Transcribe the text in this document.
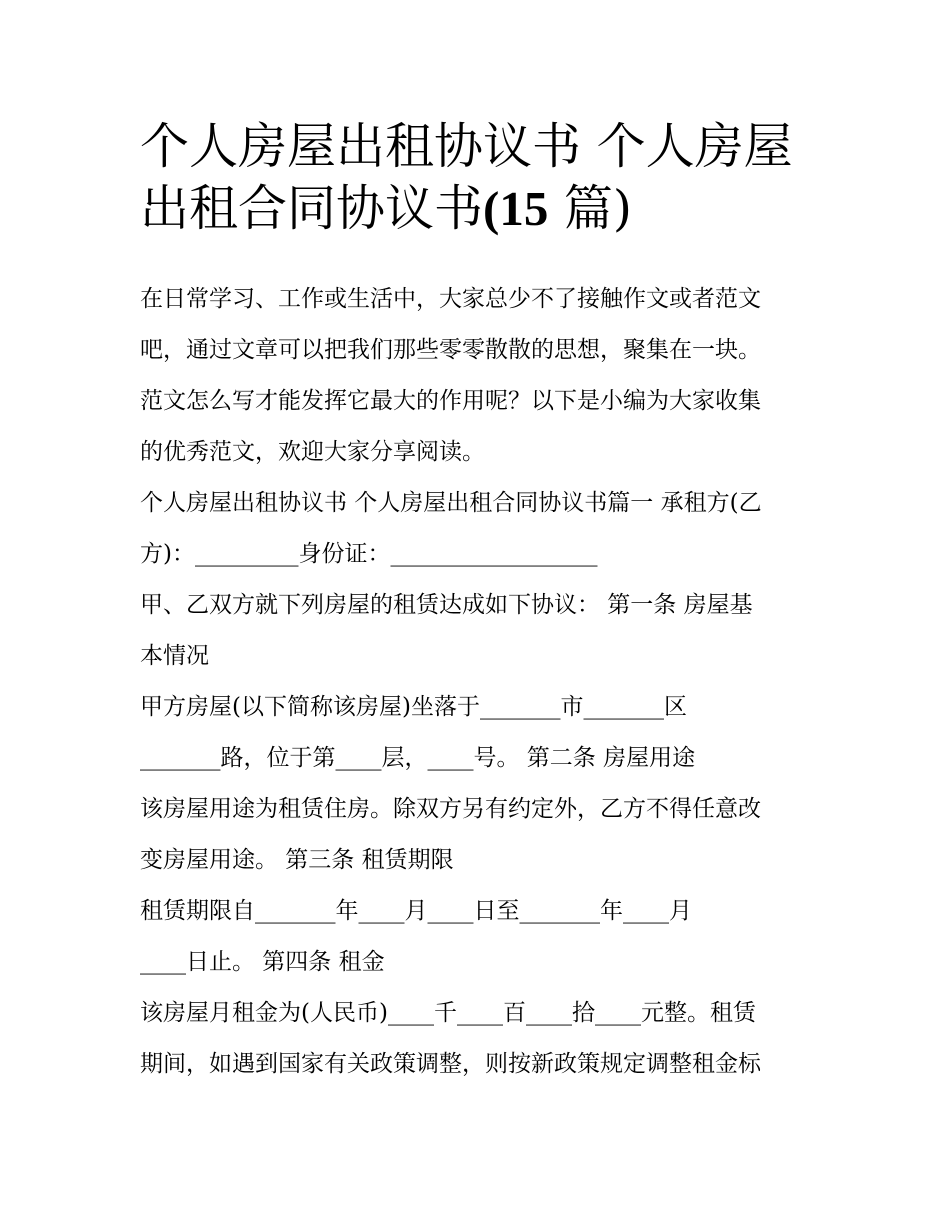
个人房屋出租协议书 个人房屋
出租合同协议书(15 篇)
在日常学习、工作或生活中，大家总少不了接触作文或者范文
吧，通过文章可以把我们那些零零散散的思想，聚集在一块。
范文怎么写才能发挥它最大的作用呢？以下是小编为大家收集
的优秀范文，欢迎大家分享阅读。
个人房屋出租协议书 个人房屋出租合同协议书篇一 承租方(乙
方)：_________身份证：__________________
甲、乙双方就下列房屋的租赁达成如下协议： 第一条 房屋基
本情况
甲方房屋(以下简称该房屋)坐落于_______市_______区
_______路，位于第____层，____号。 第二条 房屋用途
该房屋用途为租赁住房。除双方另有约定外，乙方不得任意改
变房屋用途。 第三条 租赁期限
租赁期限自_______年____月____日至_______年____月
____日止。 第四条 租金
该房屋月租金为(人民币)____千____百____拾____元整。租赁
期间，如遇到国家有关政策调整，则按新政策规定调整租金标
